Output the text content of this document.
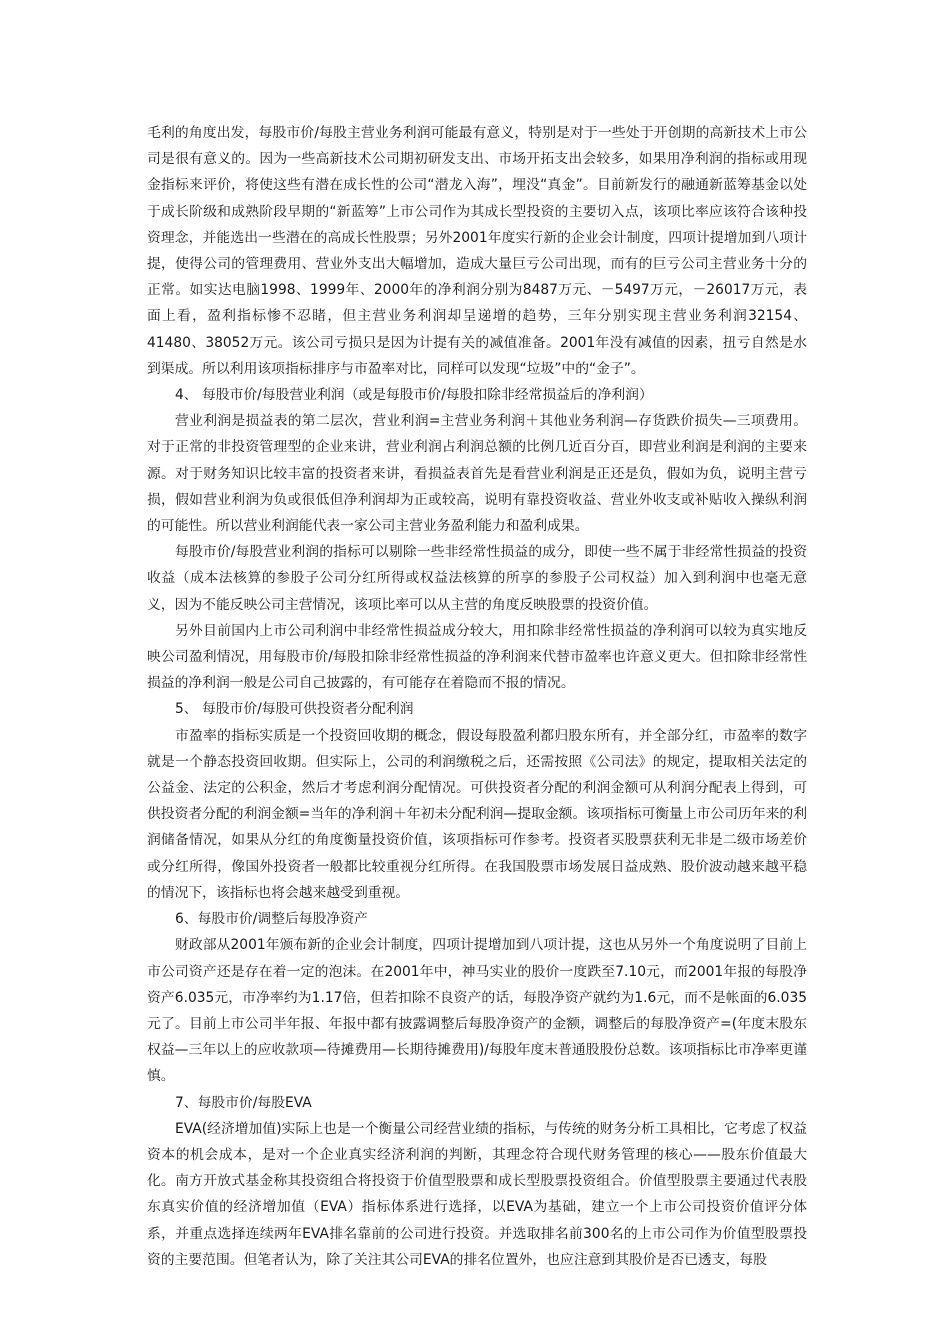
毛利的角度出发，每股市价/每股主营业务利润可能最有意义，特别是对于一些处于开创期的高新技术上市公司是很有意义的。因为一些高新技术公司期初研发支出、市场开拓支出会较多，如果用净利润的指标或用现金指标来评价，将使这些有潜在成长性的公司“潜龙入海”，埋没“真金”。目前新发行的融通新蓝筹基金以处于成长阶级和成熟阶段早期的“新蓝筹”上市公司作为其成长型投资的主要切入点，该项比率应该符合该种投资理念，并能选出一些潜在的高成长性股票；另外2001年度实行新的企业会计制度，四项计提增加到八项计提，使得公司的管理费用、营业外支出大幅增加，造成大量巨亏公司出现，而有的巨亏公司主营业务十分的正常。如实达电脑1998、1999年、2000年的净利润分别为8487万元、－5497万元，－26017万元，表面上看，盈利指标惨不忍睹，但主营业务利润却呈递增的趋势，三年分别实现主营业务利润32154、41480、38052万元。该公司亏损只是因为计提有关的减值准备。2001年没有减值的因素，扭亏自然是水到渠成。所以利用该项指标排序与市盈率对比，同样可以发现“垃圾”中的“金子”。

4、 每股市价/每股营业利润（或是每股市价/每股扣除非经常损益后的净利润）

营业利润是损益表的第二层次，营业利润=主营业务利润＋其他业务利润—存货跌价损失—三项费用。对于正常的非投资管理型的企业来讲，营业利润占利润总额的比例几近百分百，即营业利润是利润的主要来源。对于财务知识比较丰富的投资者来讲，看损益表首先是看营业利润是正还是负，假如为负，说明主营亏损，假如营业利润为负或很低但净利润却为正或较高，说明有靠投资收益、营业外收支或补贴收入操纵利润的可能性。所以营业利润能代表一家公司主营业务盈利能力和盈利成果。

每股市价/每股营业利润的指标可以剔除一些非经常性损益的成分，即使一些不属于非经常性损益的投资收益（成本法核算的参股子公司分红所得或权益法核算的所享的参股子公司权益）加入到利润中也毫无意义，因为不能反映公司主营情况，该项比率可以从主营的角度反映股票的投资价值。

另外目前国内上市公司利润中非经常性损益成分较大，用扣除非经常性损益的净利润可以较为真实地反映公司盈利情况，用每股市价/每股扣除非经常性损益的净利润来代替市盈率也许意义更大。但扣除非经常性损益的净利润一般是公司自己披露的，有可能存在着隐而不报的情况。

5、 每股市价/每股可供投资者分配利润

市盈率的指标实质是一个投资回收期的概念，假设每股盈利都归股东所有，并全部分红，市盈率的数字就是一个静态投资回收期。但实际上，公司的利润缴税之后，还需按照《公司法》的规定，提取相关法定的公益金、法定的公积金，然后才考虑利润分配情况。可供投资者分配的利润金额可从利润分配表上得到，可供投资者分配的利润金额=当年的净利润＋年初未分配利润—提取金额。该项指标可衡量上市公司历年来的利润储备情况，如果从分红的角度衡量投资价值，该项指标可作参考。投资者买股票获利无非是二级市场差价或分红所得，像国外投资者一般都比较重视分红所得。在我国股票市场发展日益成熟、股价波动越来越平稳的情况下，该指标也将会越来越受到重视。

6、每股市价/调整后每股净资产

财政部从2001年颁布新的企业会计制度，四项计提增加到八项计提，这也从另外一个角度说明了目前上市公司资产还是存在着一定的泡沫。在2001年中，神马实业的股价一度跌至7.10元，而2001年报的每股净资产6.035元，市净率约为1.17倍，但若扣除不良资产的话，每股净资产就约为1.6元，而不是帐面的6.035元了。目前上市公司半年报、年报中都有披露调整后每股净资产的金额，调整后的每股净资产=(年度末股东权益—三年以上的应收款项—待摊费用—长期待摊费用)/每股年度末普通股股份总数。该项指标比市净率更谨慎。

7、每股市价/每股EVA

EVA(经济增加值)实际上也是一个衡量公司经营业绩的指标，与传统的财务分析工具相比，它考虑了权益资本的机会成本，是对一个企业真实经济利润的判断，其理念符合现代财务管理的核心——股东价值最大化。南方开放式基金称其投资组合将投资于价值型股票和成长型股票投资组合。价值型股票主要通过代表股东真实价值的经济增加值（EVA）指标体系进行选择，以EVA为基础，建立一个上市公司投资价值评分体系，并重点选择连续两年EVA排名靠前的公司进行投资。并选取排名前300名的上市公司作为价值型股票投资的主要范围。但笔者认为，除了关注其公司EVA的排名位置外，也应注意到其股价是否已透支，每股
